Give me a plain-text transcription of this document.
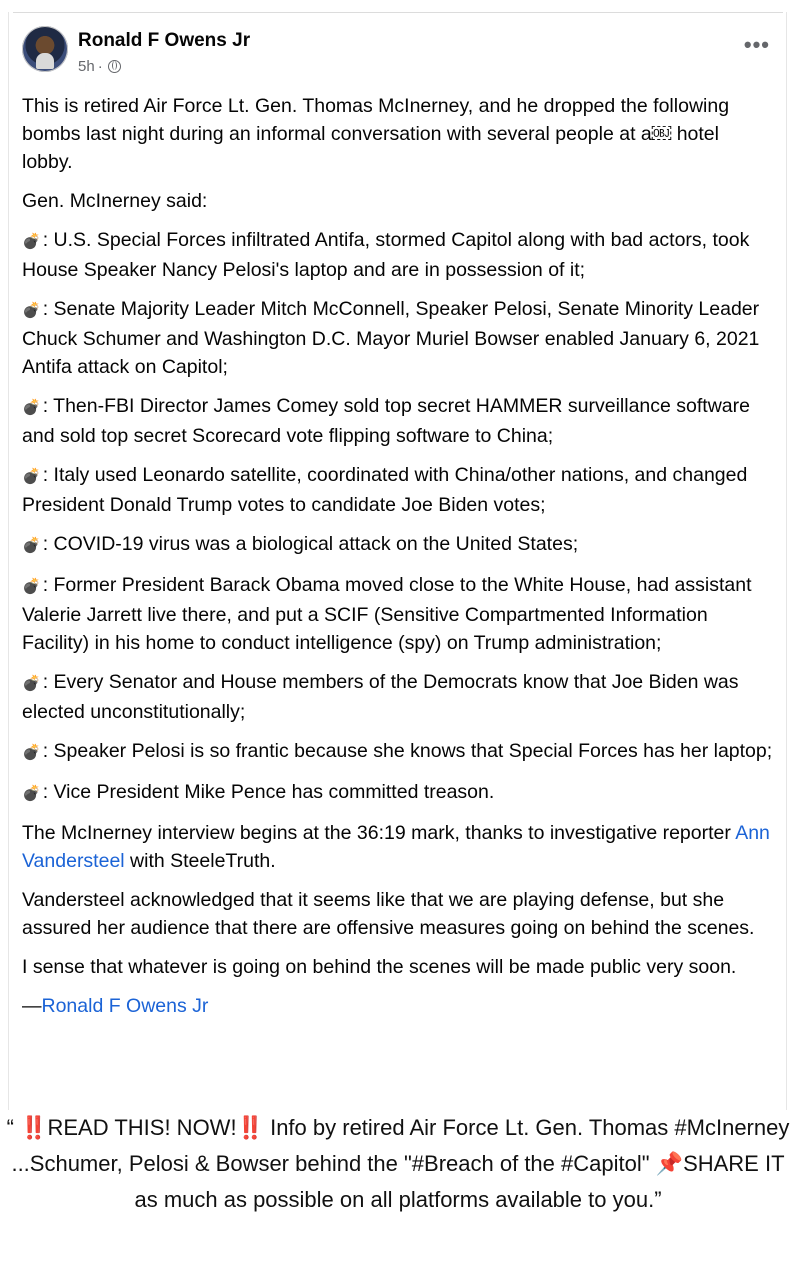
Ronald F Owens Jr
5h ·
•••

This is retired Air Force Lt. Gen. Thomas McInerney, and he dropped the following bombs last night during an informal conversation with several people at a￼ hotel lobby.

Gen. McInerney said:

💣 : U.S. Special Forces infiltrated Antifa, stormed Capitol along with bad actors, took House Speaker Nancy Pelosi's laptop and are in possession of it;

💣 : Senate Majority Leader Mitch McConnell, Speaker Pelosi, Senate Minority Leader Chuck Schumer and Washington D.C. Mayor Muriel Bowser enabled January 6, 2021 Antifa attack on Capitol;

💣 : Then-FBI Director James Comey sold top secret HAMMER surveillance software and sold top secret Scorecard vote flipping software to China;

💣 : Italy used Leonardo satellite, coordinated with China/other nations, and changed President Donald Trump votes to candidate Joe Biden votes;

💣 : COVID-19 virus was a biological attack on the United States;

💣 : Former President Barack Obama moved close to the White House, had assistant Valerie Jarrett live there, and put a SCIF (Sensitive Compartmented Information Facility) in his home to conduct intelligence (spy) on Trump administration;

💣 : Every Senator and House members of the Democrats know that Joe Biden was elected unconstitutionally;

💣 : Speaker Pelosi is so frantic because she knows that Special Forces has her laptop;

💣 : Vice President Mike Pence has committed treason.

The McInerney interview begins at the 36:19 mark, thanks to investigative reporter Ann Vandersteel with SteeleTruth.

Vandersteel acknowledged that it seems like that we are playing defense, but she assured her audience that there are offensive measures going on behind the scenes.

I sense that whatever is going on behind the scenes will be made public very soon.

—Ronald F Owens Jr

“ ‼️READ THIS! NOW!‼️ Info by retired Air Force Lt. Gen. Thomas #McInerney ...Schumer, Pelosi & Bowser behind the "#Breach of the #Capitol" 📌SHARE IT as much as possible on all platforms available to you.”
